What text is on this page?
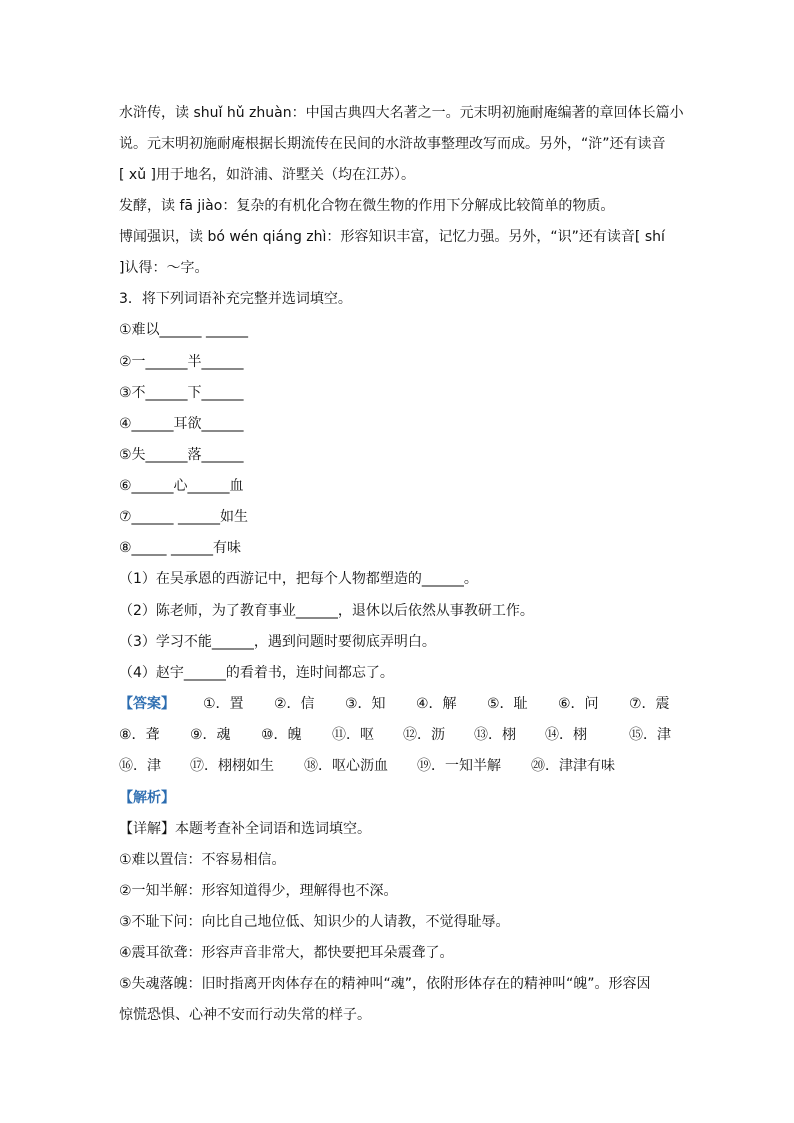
水浒传，读 shuǐ hǔ zhuàn：中国古典四大名著之一。元末明初施耐庵编著的章回体长篇小
说。元末明初施耐庵根据长期流传在民间的水浒故事整理改写而成。另外，“浒”还有读音
[ xǔ ]用于地名，如浒浦、浒墅关（均在江苏）。
发酵，读 fā jiào：复杂的有机化合物在微生物的作用下分解成比较简单的物质。
博闻强识，读 bó wén qiáng zhì：形容知识丰富，记忆力强。另外，“识”还有读音[ shí
]认得：～字。
3．将下列词语补充完整并选词填空。
①难以______ ______
②一______半______
③不______下______
④______耳欲______
⑤失______落______
⑥______心______血
⑦______ ______如生
⑧_____ ______有味
（1）在吴承恩的西游记中，把每个人物都塑造的______。
（2）陈老师，为了教育事业______，退休以后依然从事教研工作。
（3）学习不能______，遇到问题时要彻底弄明白。
（4）赵宇______的看着书，连时间都忘了。
【答案】 ①．置 ②．信 ③．知 ④．解 ⑤．耻 ⑥．问 ⑦．震
⑧．聋 ⑨．魂 ⑩．魄 ⑪．呕 ⑫．沥 ⑬．栩 ⑭．栩	⑮．津
⑯．津 ⑰．栩栩如生 ⑱．呕心沥血 ⑲．一知半解 ⑳．津津有味
【解析】
【详解】本题考查补全词语和选词填空。
①难以置信：不容易相信。
②一知半解：形容知道得少，理解得也不深。
③不耻下问：向比自己地位低、知识少的人请教，不觉得耻辱。
④震耳欲聋：形容声音非常大，都快要把耳朵震聋了。
⑤失魂落魄：旧时指离开肉体存在的精神叫“魂”，依附形体存在的精神叫“魄”。形容因
惊慌恐惧、心神不安而行动失常的样子。
